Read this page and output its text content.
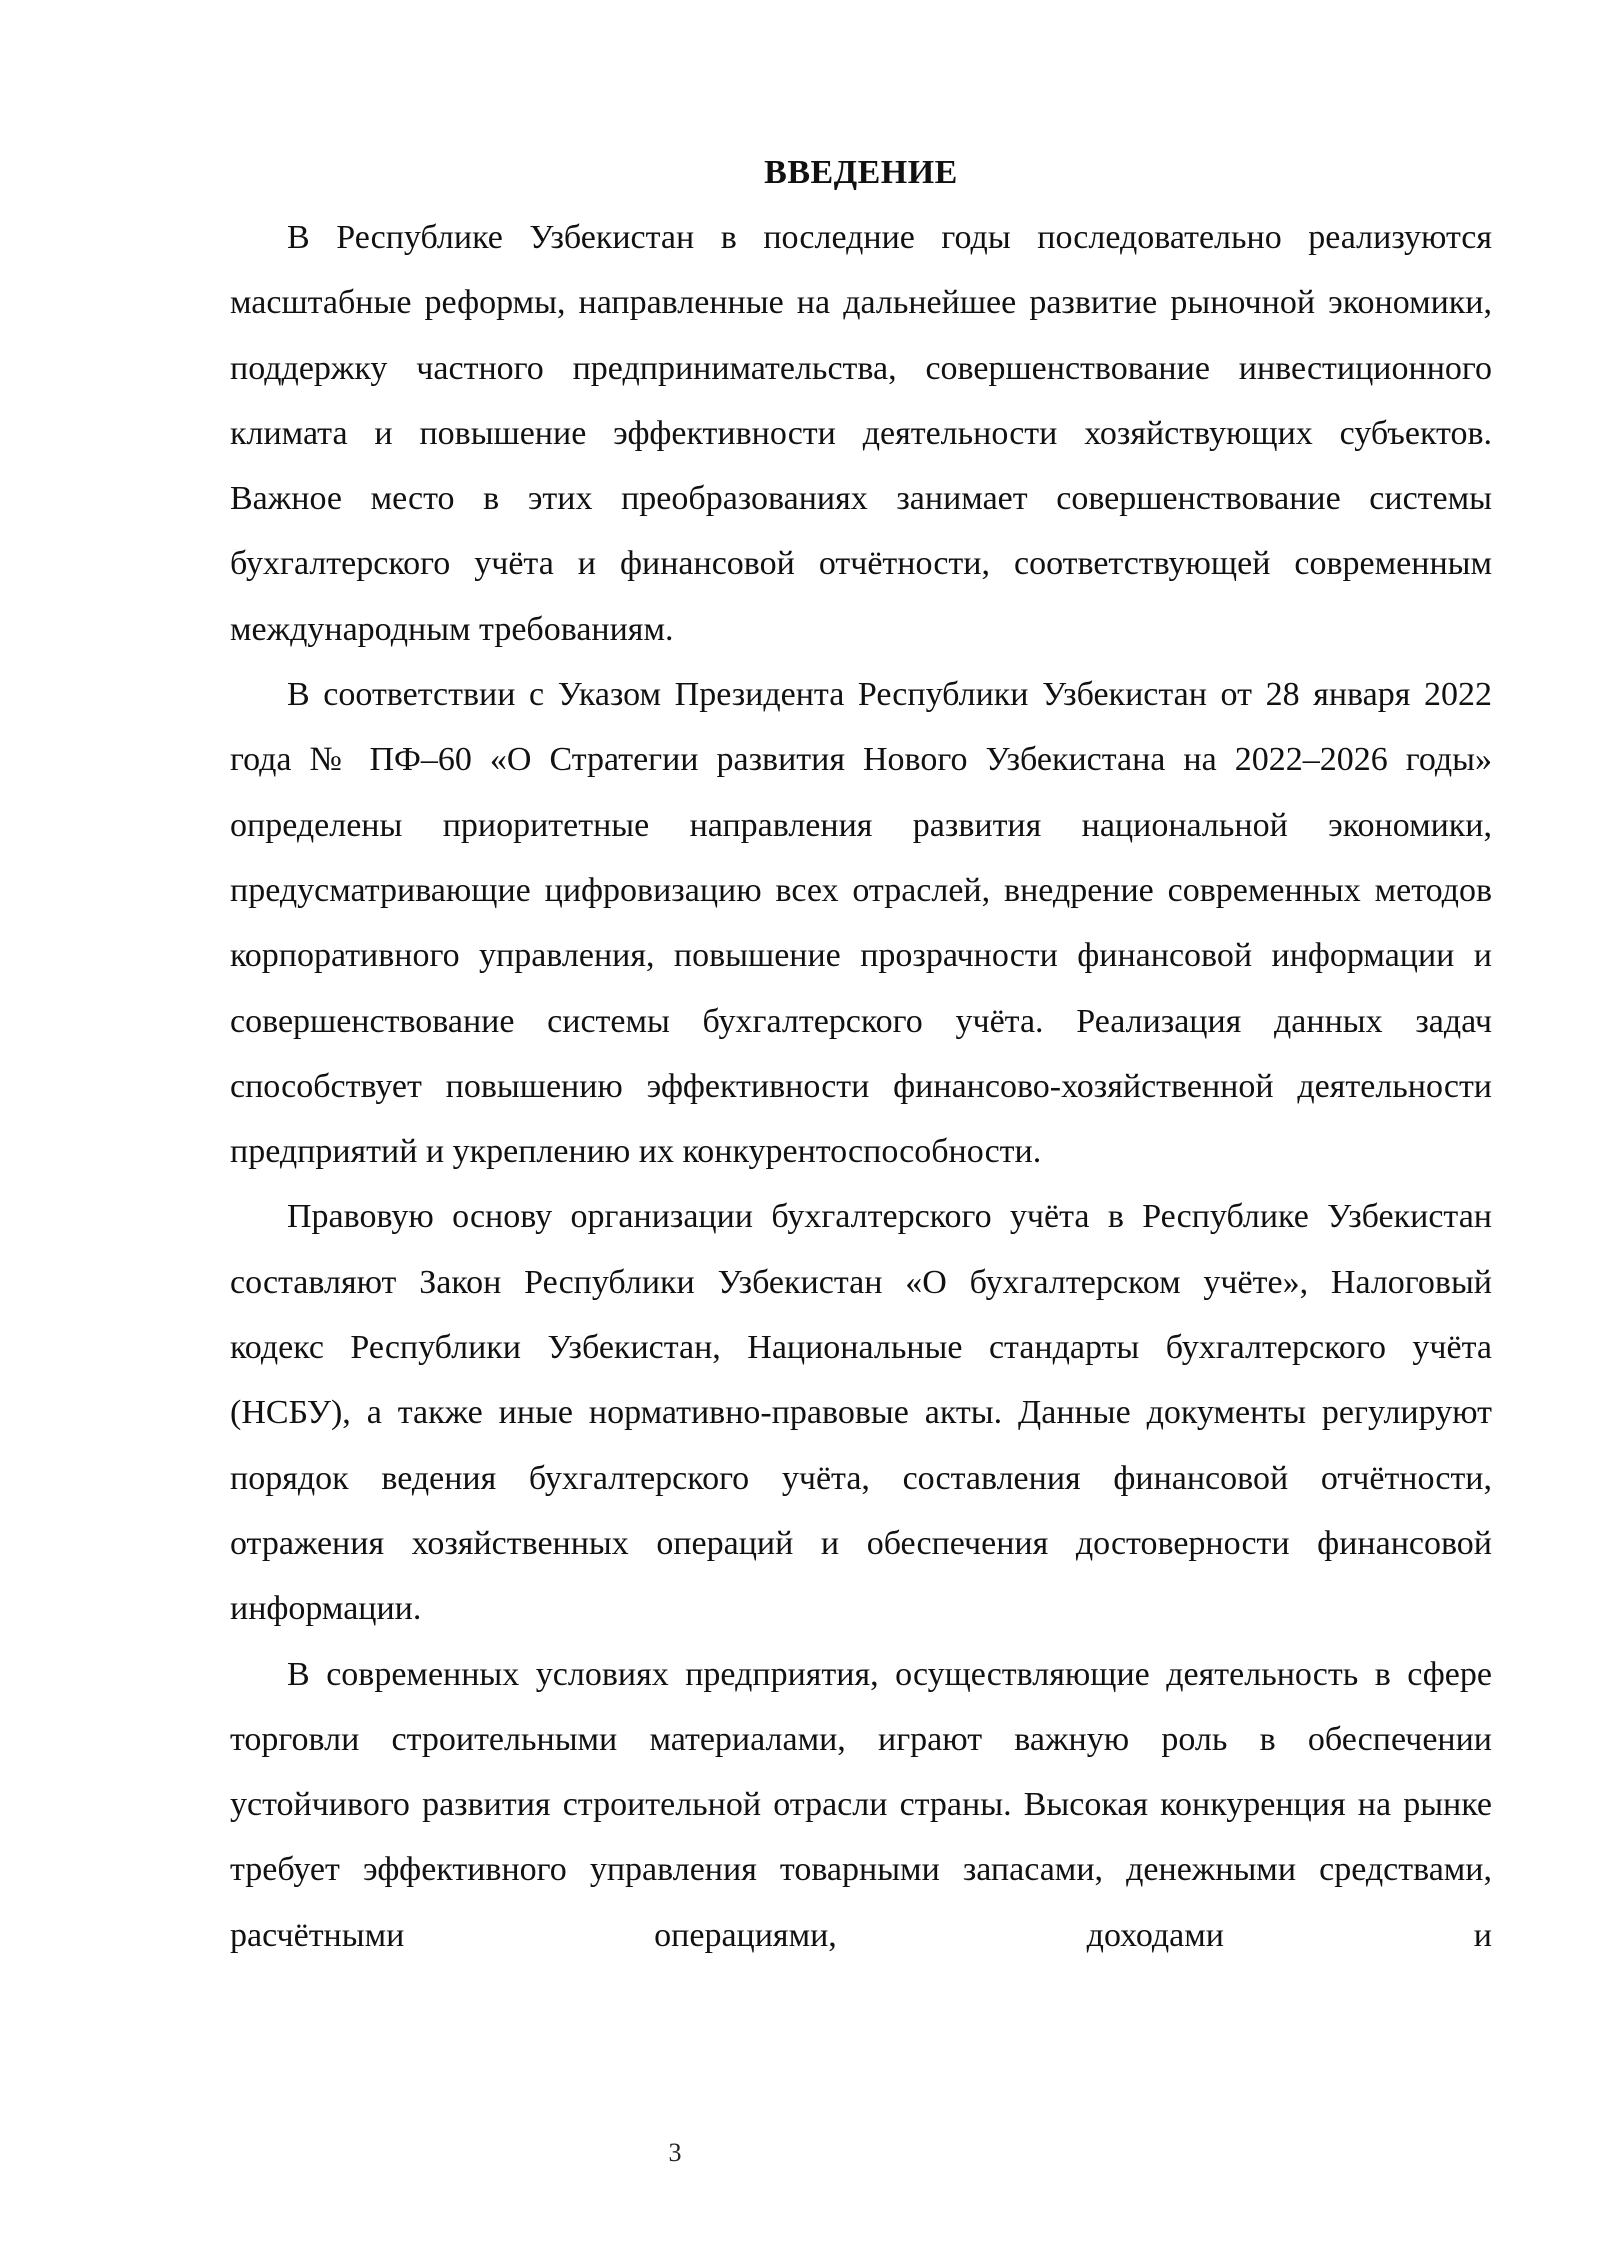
ВВЕДЕНИЕ

В Республике Узбекистан в последние годы последовательно реализуются масштабные реформы, направленные на дальнейшее развитие рыночной экономики, поддержку частного предпринимательства, совершенствование инвестиционного климата и повышение эффективности деятельности хозяйствующих субъектов. Важное место в этих преобразованиях занимает совершенствование системы бухгалтерского учёта и финансовой отчётности, соответствующей современным международным требованиям.

В соответствии с Указом Президента Республики Узбекистан от 28 января 2022 года № ПФ–60 «О Стратегии развития Нового Узбекистана на 2022–2026 годы» определены приоритетные направления развития национальной экономики, предусматривающие цифровизацию всех отраслей, внедрение современных методов корпоративного управления, повышение прозрачности финансовой информации и совершенствование системы бухгалтерского учёта. Реализация данных задач способствует повышению эффективности финансово-хозяйственной деятельности предприятий и укреплению их конкурентоспособности.

Правовую основу организации бухгалтерского учёта в Республике Узбекистан составляют Закон Республики Узбекистан «О бухгалтерском учёте», Налоговый кодекс Республики Узбекистан, Национальные стандарты бухгалтерского учёта (НСБУ), а также иные нормативно-правовые акты. Данные документы регулируют порядок ведения бухгалтерского учёта, составления финансовой отчётности, отражения хозяйственных операций и обеспечения достоверности финансовой информации.

В современных условиях предприятия, осуществляющие деятельность в сфере торговли строительными материалами, играют важную роль в обеспечении устойчивого развития строительной отрасли страны. Высокая конкуренция на рынке требует эффективного управления товарными запасами, денежными средствами, расчётными операциями, доходами и

3
